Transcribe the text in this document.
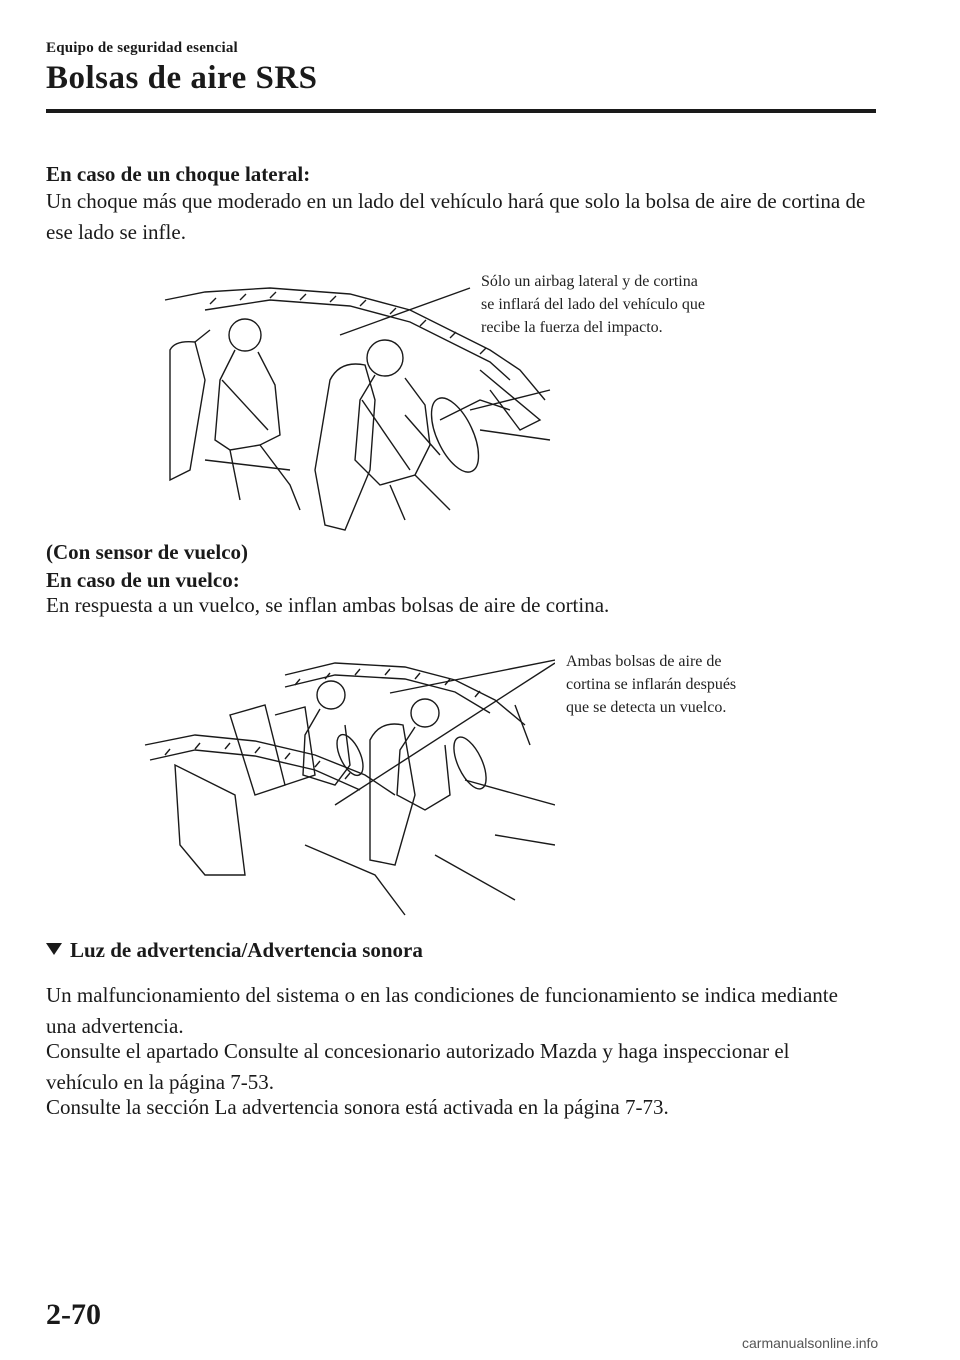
Equipo de seguridad esencial
Bolsas de aire SRS
En caso de un choque lateral:
Un choque más que moderado en un lado del vehículo hará que solo la bolsa de aire de cortina de ese lado se infle.
Sólo un airbag lateral y de cortina
se inflará del lado del vehículo que
recibe la fuerza del impacto.
(Con sensor de vuelco)
En caso de un vuelco:
En respuesta a un vuelco, se inflan ambas bolsas de aire de cortina.
Ambas bolsas de aire de
cortina se inflarán después
que se detecta un vuelco.
Luz de advertencia/Advertencia sonora
Un malfuncionamiento del sistema o en las condiciones de funcionamiento se indica mediante una advertencia.
Consulte el apartado Consulte al concesionario autorizado Mazda y haga inspeccionar el vehículo en la página 7-53.
Consulte la sección La advertencia sonora está activada en la página 7-73.
2-70
carmanualsonline.info
